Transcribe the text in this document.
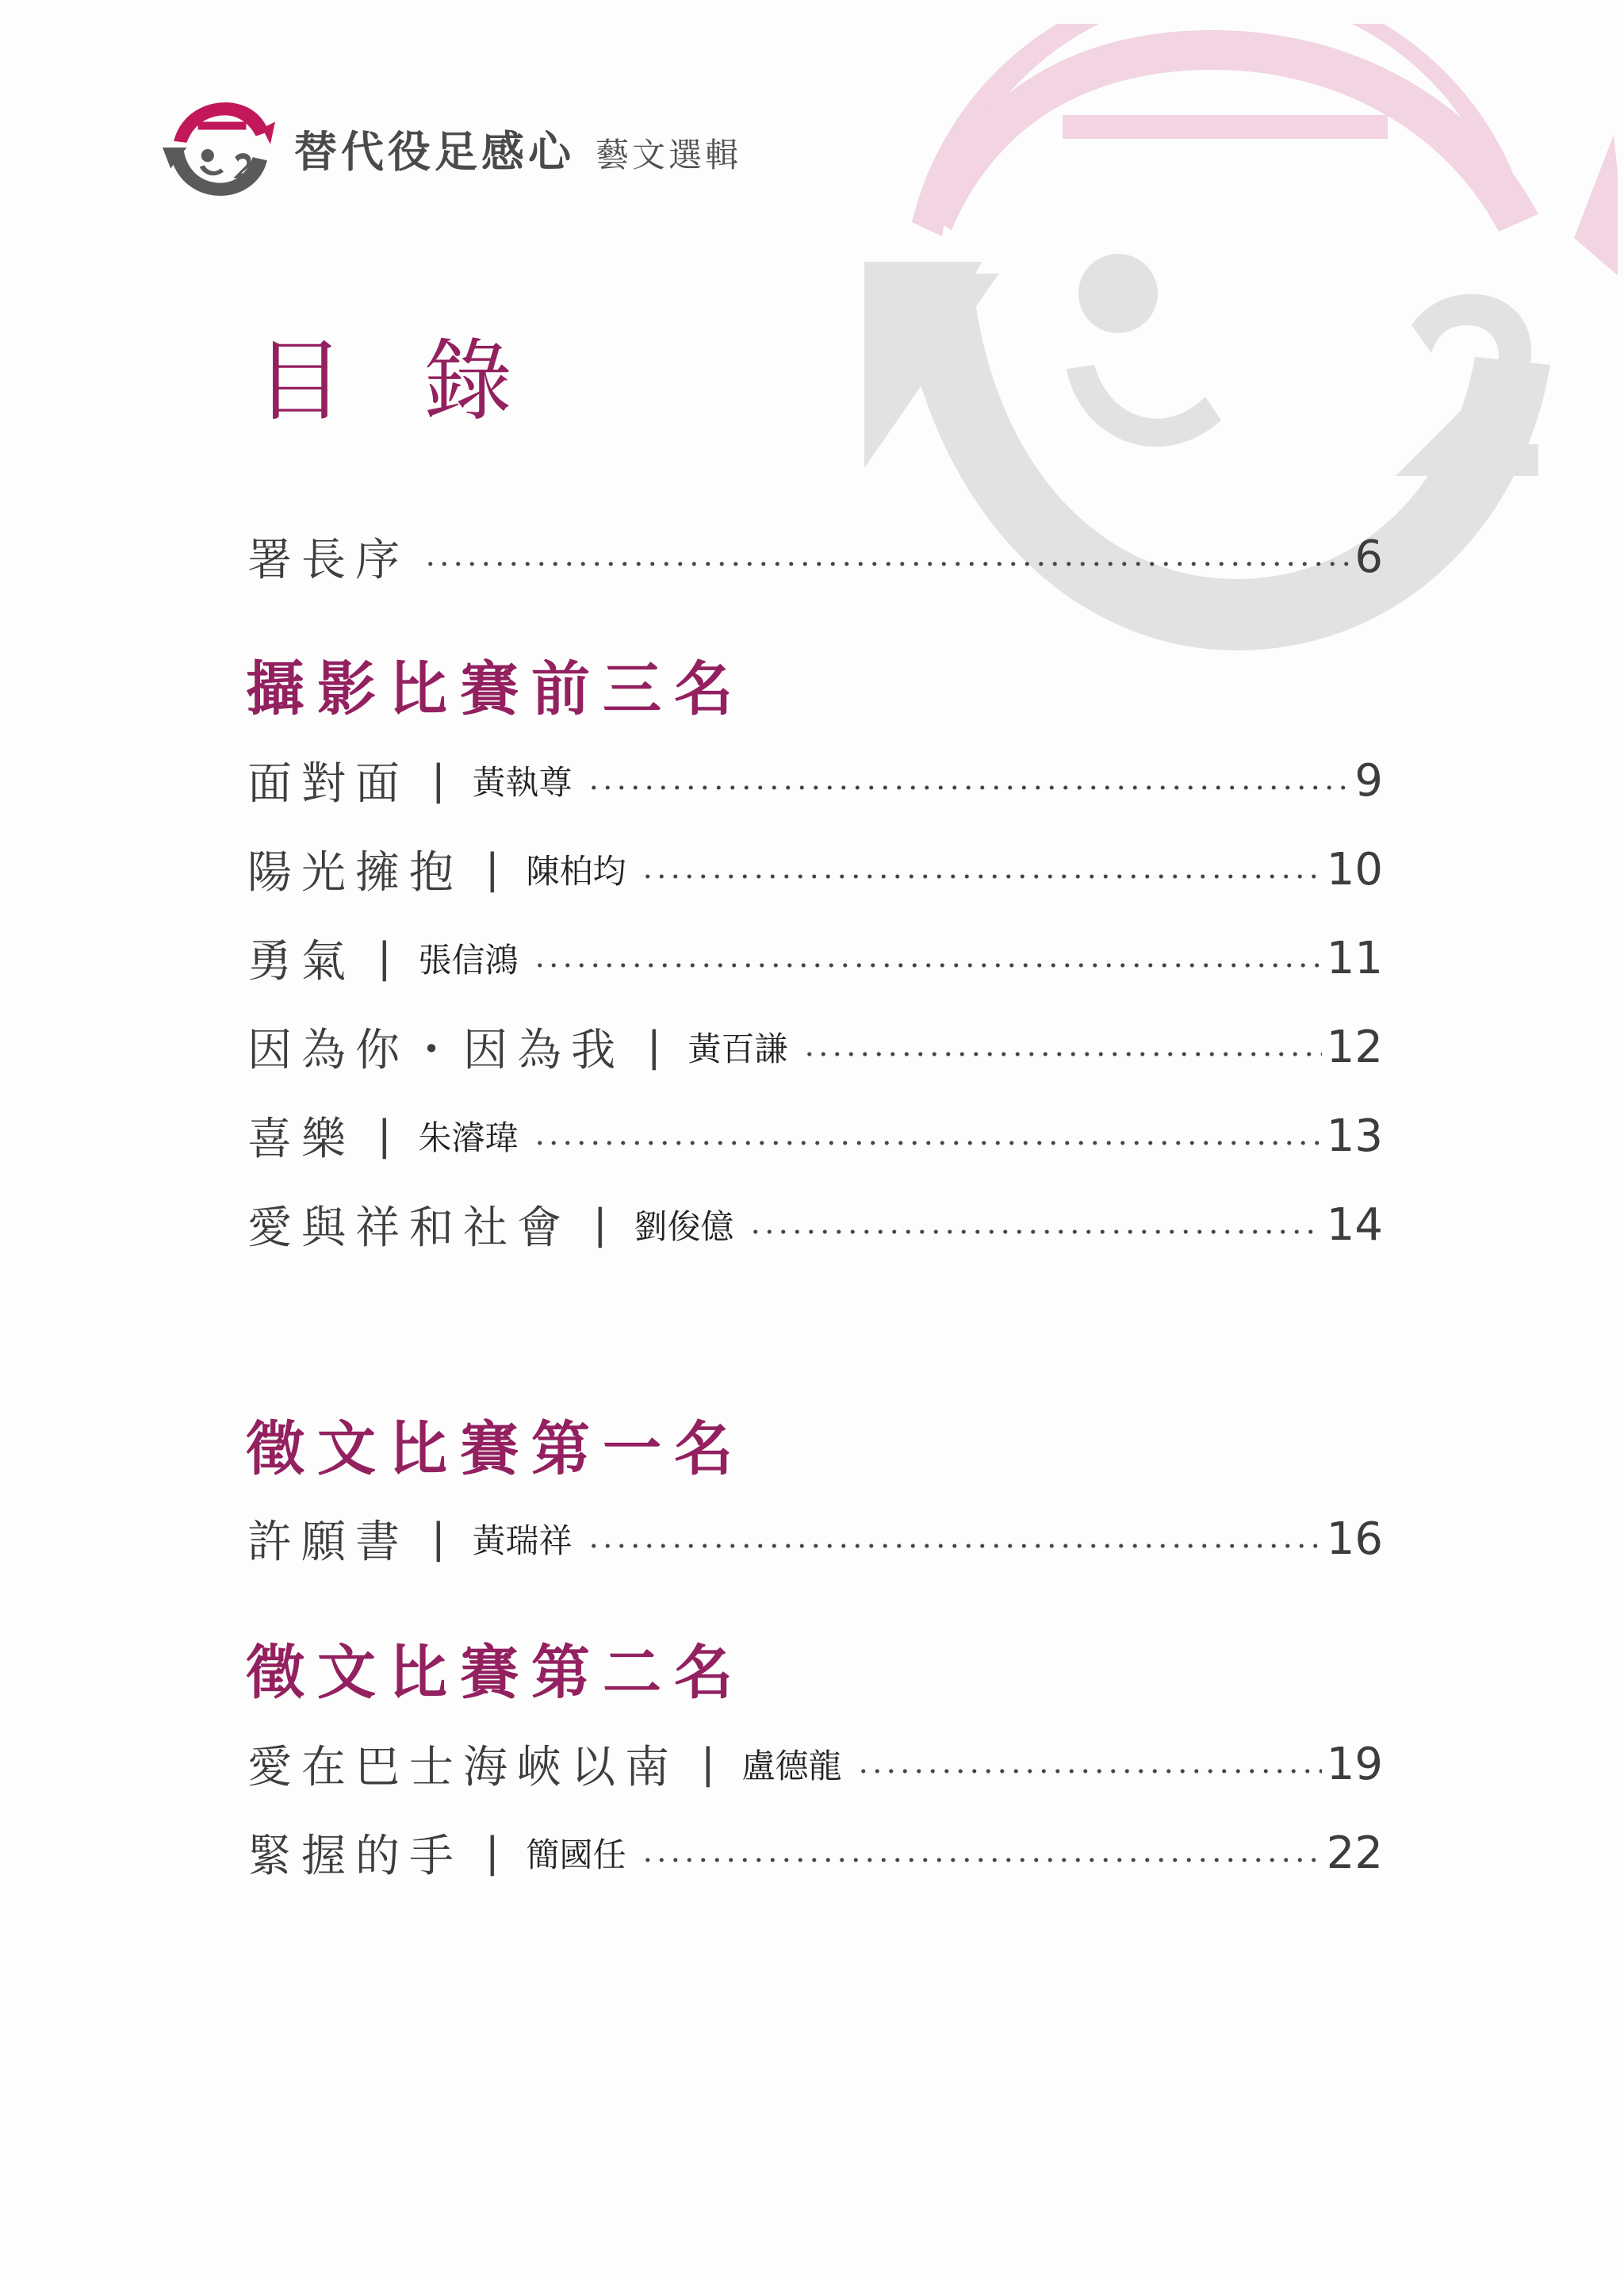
替代役足感心 藝文選輯
目錄
署長序	6
攝影比賽前三名
面對面 | 黃執尊	9
陽光擁抱 | 陳柏均	10
勇氣 | 張信鴻	11
因為你・因為我 | 黃百謙	12
喜樂 | 朱濬瑋	13
愛與祥和社會 | 劉俊億	14
徵文比賽第一名
許願書 | 黃瑞祥	16
徵文比賽第二名
愛在巴士海峽以南 | 盧德龍	19
緊握的手 | 簡國任	22
